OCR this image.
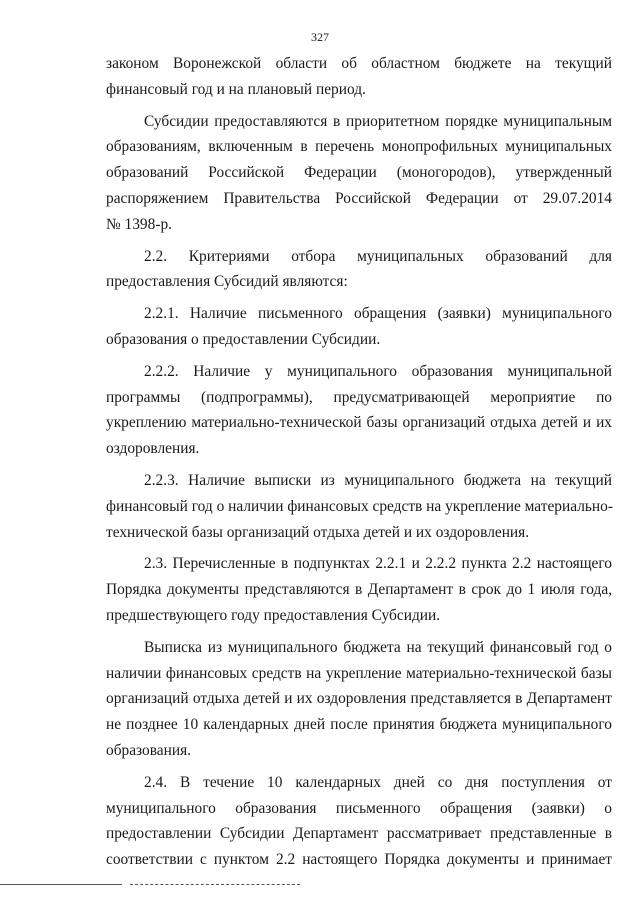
327
законом Воронежской области об областном бюджете на текущий
финансовый год и на плановый период.
Субсидии предоставляются в приоритетном порядке муниципальным
образованиям, включенным в перечень монопрофильных муниципальных
образований Российской Федерации (моногородов), утвержденный
распоряжением Правительства Российской Федерации от 29.07.2014
№ 1398-р.
2.2. Критериями отбора муниципальных образований для
предоставления Субсидий являются:
2.2.1. Наличие письменного обращения (заявки) муниципального
образования о предоставлении Субсидии.
2.2.2. Наличие у муниципального образования муниципальной
программы (подпрограммы), предусматривающей мероприятие по
укреплению материально-технической базы организаций отдыха детей и их
оздоровления.
2.2.3. Наличие выписки из муниципального бюджета на текущий
финансовый год о наличии финансовых средств на укрепление материально-
технической базы организаций отдыха детей и их оздоровления.
2.3. Перечисленные в подпунктах 2.2.1 и 2.2.2 пункта 2.2 настоящего
Порядка документы представляются в Департамент в срок до 1 июля года,
предшествующего году предоставления Субсидии.
Выписка из муниципального бюджета на текущий финансовый год о
наличии финансовых средств на укрепление материально-технической базы
организаций отдыха детей и их оздоровления представляется в Департамент
не позднее 10 календарных дней после принятия бюджета муниципального
образования.
2.4. В течение 10 календарных дней со дня поступления от
муниципального образования письменного обращения (заявки) о
предоставлении Субсидии Департамент рассматривает представленные в
соответствии с пунктом 2.2 настоящего Порядка документы и принимает
